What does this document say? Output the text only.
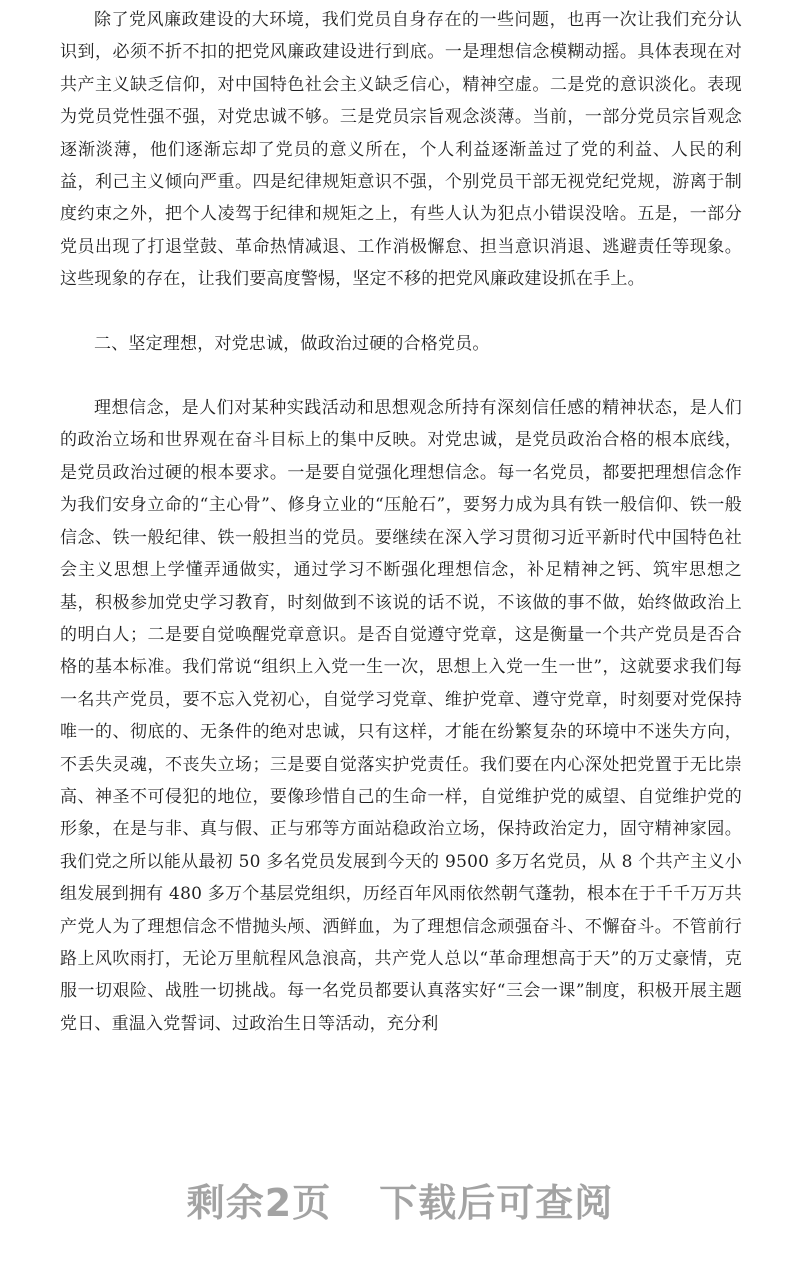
除了党风廉政建设的大环境，我们党员自身存在的一些问题，也再一次让我们充分认识到，必须不折不扣的把党风廉政建设进行到底。一是理想信念模糊动摇。具体表现在对共产主义缺乏信仰，对中国特色社会主义缺乏信心，精神空虚。二是党的意识淡化。表现为党员党性强不强，对党忠诚不够。三是党员宗旨观念淡薄。当前，一部分党员宗旨观念逐渐淡薄，他们逐渐忘却了党员的意义所在，个人利益逐渐盖过了党的利益、人民的利益，利己主义倾向严重。四是纪律规矩意识不强，个别党员干部无视党纪党规，游离于制度约束之外，把个人凌驾于纪律和规矩之上，有些人认为犯点小错误没啥。五是，一部分党员出现了打退堂鼓、革命热情减退、工作消极懈怠、担当意识消退、逃避责任等现象。这些现象的存在，让我们要高度警惕，坚定不移的把党风廉政建设抓在手上。

二、坚定理想，对党忠诚，做政治过硬的合格党员。

理想信念，是人们对某种实践活动和思想观念所持有深刻信任感的精神状态，是人们的政治立场和世界观在奋斗目标上的集中反映。对党忠诚，是党员政治合格的根本底线，是党员政治过硬的根本要求。一是要自觉强化理想信念。每一名党员，都要把理想信念作为我们安身立命的“主心骨”、修身立业的“压舱石”，要努力成为具有铁一般信仰、铁一般信念、铁一般纪律、铁一般担当的党员。要继续在深入学习贯彻习近平新时代中国特色社会主义思想上学懂弄通做实，通过学习不断强化理想信念，补足精神之钙、筑牢思想之基，积极参加党史学习教育，时刻做到不该说的话不说，不该做的事不做，始终做政治上的明白人；二是要自觉唤醒党章意识。是否自觉遵守党章，这是衡量一个共产党员是否合格的基本标准。我们常说“组织上入党一生一次，思想上入党一生一世”，这就要求我们每一名共产党员，要不忘入党初心，自觉学习党章、维护党章、遵守党章，时刻要对党保持唯一的、彻底的、无条件的绝对忠诚，只有这样，才能在纷繁复杂的环境中不迷失方向，不丢失灵魂，不丧失立场；三是要自觉落实护党责任。我们要在内心深处把党置于无比崇高、神圣不可侵犯的地位，要像珍惜自己的生命一样，自觉维护党的威望、自觉维护党的形象，在是与非、真与假、正与邪等方面站稳政治立场，保持政治定力，固守精神家园。我们党之所以能从最初 50 多名党员发展到今天的 9500 多万名党员，从 8 个共产主义小组发展到拥有 480 多万个基层党组织，历经百年风雨依然朝气蓬勃，根本在于千千万万共产党人为了理想信念不惜抛头颅、洒鲜血，为了理想信念顽强奋斗、不懈奋斗。不管前行路上风吹雨打，无论万里航程风急浪高，共产党人总以“革命理想高于天”的万丈豪情，克服一切艰险、战胜一切挑战。每一名党员都要认真落实好“三会一课”制度，积极开展主题党日、重温入党誓词、过政治生日等活动，充分利

剩余2页 下载后可查阅
